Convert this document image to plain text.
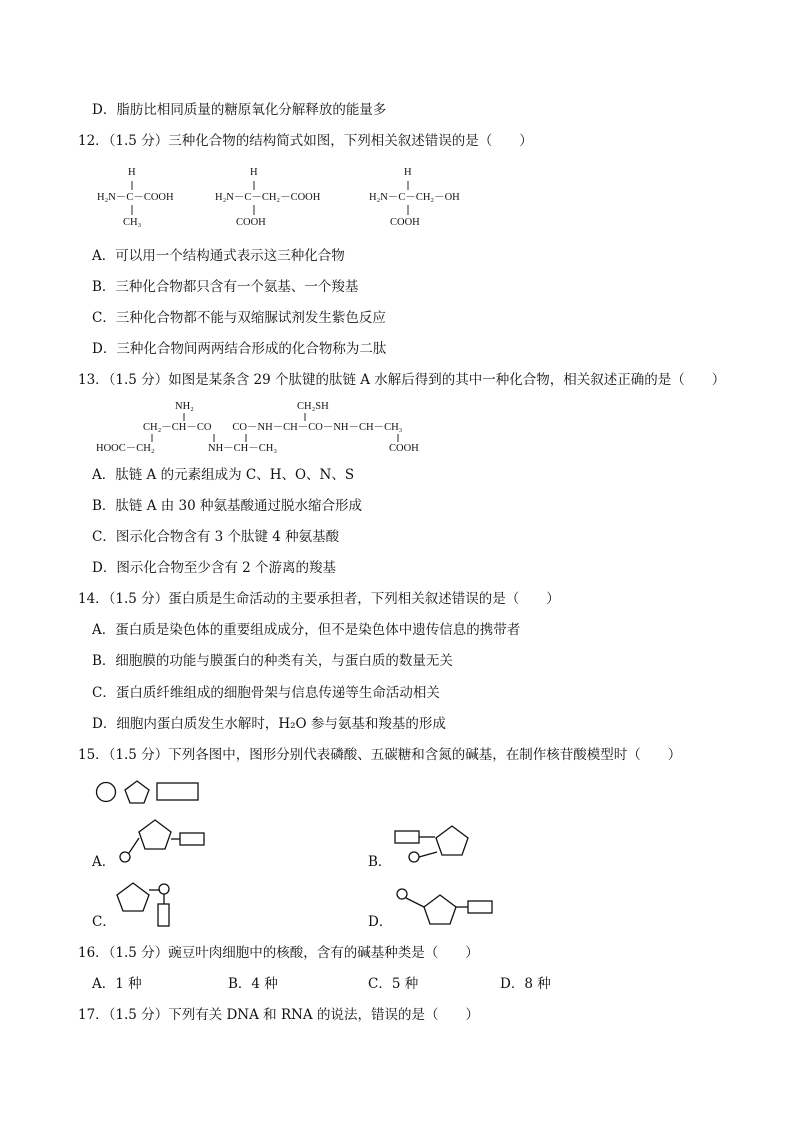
D．脂肪比相同质量的糖原氧化分解释放的能量多
12．（1.5 分）三种化合物的结构简式如图，下列相关叙述错误的是（　　）
H
H₂N－C－COOH
CH₃
H
H₂N－C－CH₂－COOH
COOH
H
H₂N－C－CH₂－OH
COOH
A．可以用一个结构通式表示这三种化合物
B．三种化合物都只含有一个氨基、一个羧基
C．三种化合物都不能与双缩脲试剂发生紫色反应
D．三种化合物间两两结合形成的化合物称为二肽
13．（1.5 分）如图是某条含 29 个肽键的肽链 A 水解后得到的其中一种化合物，相关叙述正确的是（　　）
NH₂	CH₂SH
CH₂－CH－CO　　CO－NH－CH－CO－NH－CH－CH₃
HOOC－CH₂	NH－CH－CH₃	COOH
A．肽链 A 的元素组成为 C、H、O、N、S
B．肽链 A 由 30 种氨基酸通过脱水缩合形成
C．图示化合物含有 3 个肽键 4 种氨基酸
D．图示化合物至少含有 2 个游离的羧基
14．（1.5 分）蛋白质是生命活动的主要承担者，下列相关叙述错误的是（　　）
A．蛋白质是染色体的重要组成成分，但不是染色体中遗传信息的携带者
B．细胞膜的功能与膜蛋白的种类有关，与蛋白质的数量无关
C．蛋白质纤维组成的细胞骨架与信息传递等生命活动相关
D．细胞内蛋白质发生水解时，H₂O 参与氨基和羧基的形成
15．（1.5 分）下列各图中，图形分别代表磷酸、五碳糖和含氮的碱基，在制作核苷酸模型时（　　）
A．	B．
C．	D．
16．（1.5 分）豌豆叶肉细胞中的核酸，含有的碱基种类是（　　）
A．1 种	B．4 种	C．5 种	D．8 种
17．（1.5 分）下列有关 DNA 和 RNA 的说法，错误的是（　　）
